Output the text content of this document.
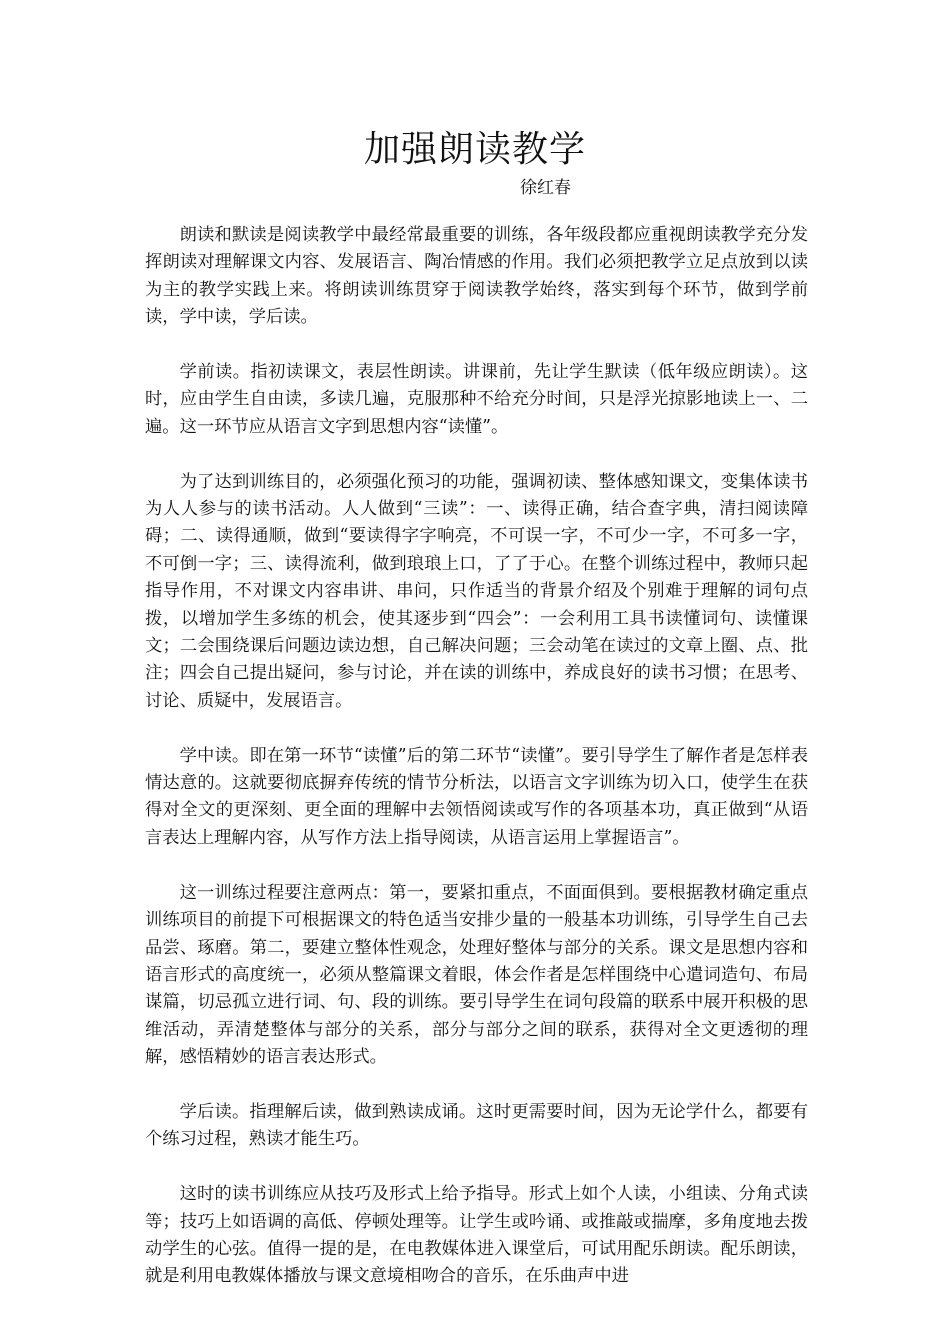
加强朗读教学
徐红春

朗读和默读是阅读教学中最经常最重要的训练，各年级段都应重视朗读教学充分发挥朗读对理解课文内容、发展语言、陶冶情感的作用。我们必须把教学立足点放到以读为主的教学实践上来。将朗读训练贯穿于阅读教学始终，落实到每个环节，做到学前读，学中读，学后读。

学前读。指初读课文，表层性朗读。讲课前，先让学生默读（低年级应朗读）。这时，应由学生自由读，多读几遍，克服那种不给充分时间，只是浮光掠影地读上一、二遍。这一环节应从语言文字到思想内容“读懂”。

为了达到训练目的，必须强化预习的功能，强调初读、整体感知课文，变集体读书为人人参与的读书活动。人人做到“三读”：一、读得正确，结合查字典，清扫阅读障碍；二、读得通顺，做到“要读得字字响亮，不可误一字，不可少一字，不可多一字，不可倒一字；三、读得流利，做到琅琅上口，了了于心。在整个训练过程中，教师只起指导作用，不对课文内容串讲、串问，只作适当的背景介绍及个别难于理解的词句点拨，以增加学生多练的机会，使其逐步到“四会”：一会利用工具书读懂词句、读懂课文；二会围绕课后问题边读边想，自己解决问题；三会动笔在读过的文章上圈、点、批注；四会自己提出疑问，参与讨论，并在读的训练中，养成良好的读书习惯；在思考、讨论、质疑中，发展语言。

学中读。即在第一环节“读懂”后的第二环节“读懂”。要引导学生了解作者是怎样表情达意的。这就要彻底摒弃传统的情节分析法，以语言文字训练为切入口，使学生在获得对全文的更深刻、更全面的理解中去领悟阅读或写作的各项基本功，真正做到“从语言表达上理解内容，从写作方法上指导阅读，从语言运用上掌握语言”。

这一训练过程要注意两点：第一，要紧扣重点，不面面俱到。要根据教材确定重点训练项目的前提下可根据课文的特色适当安排少量的一般基本功训练，引导学生自己去品尝、琢磨。第二，要建立整体性观念，处理好整体与部分的关系。课文是思想内容和语言形式的高度统一，必须从整篇课文着眼，体会作者是怎样围绕中心遣词造句、布局谋篇，切忌孤立进行词、句、段的训练。要引导学生在词句段篇的联系中展开积极的思维活动，弄清楚整体与部分的关系，部分与部分之间的联系，获得对全文更透彻的理解，感悟精妙的语言表达形式。

学后读。指理解后读，做到熟读成诵。这时更需要时间，因为无论学什么，都要有个练习过程，熟读才能生巧。

这时的读书训练应从技巧及形式上给予指导。形式上如个人读，小组读、分角式读等；技巧上如语调的高低、停顿处理等。让学生或吟诵、或推敲或揣摩，多角度地去拨动学生的心弦。值得一提的是，在电教媒体进入课堂后，可试用配乐朗读。配乐朗读，就是利用电教媒体播放与课文意境相吻合的音乐，在乐曲声中进
